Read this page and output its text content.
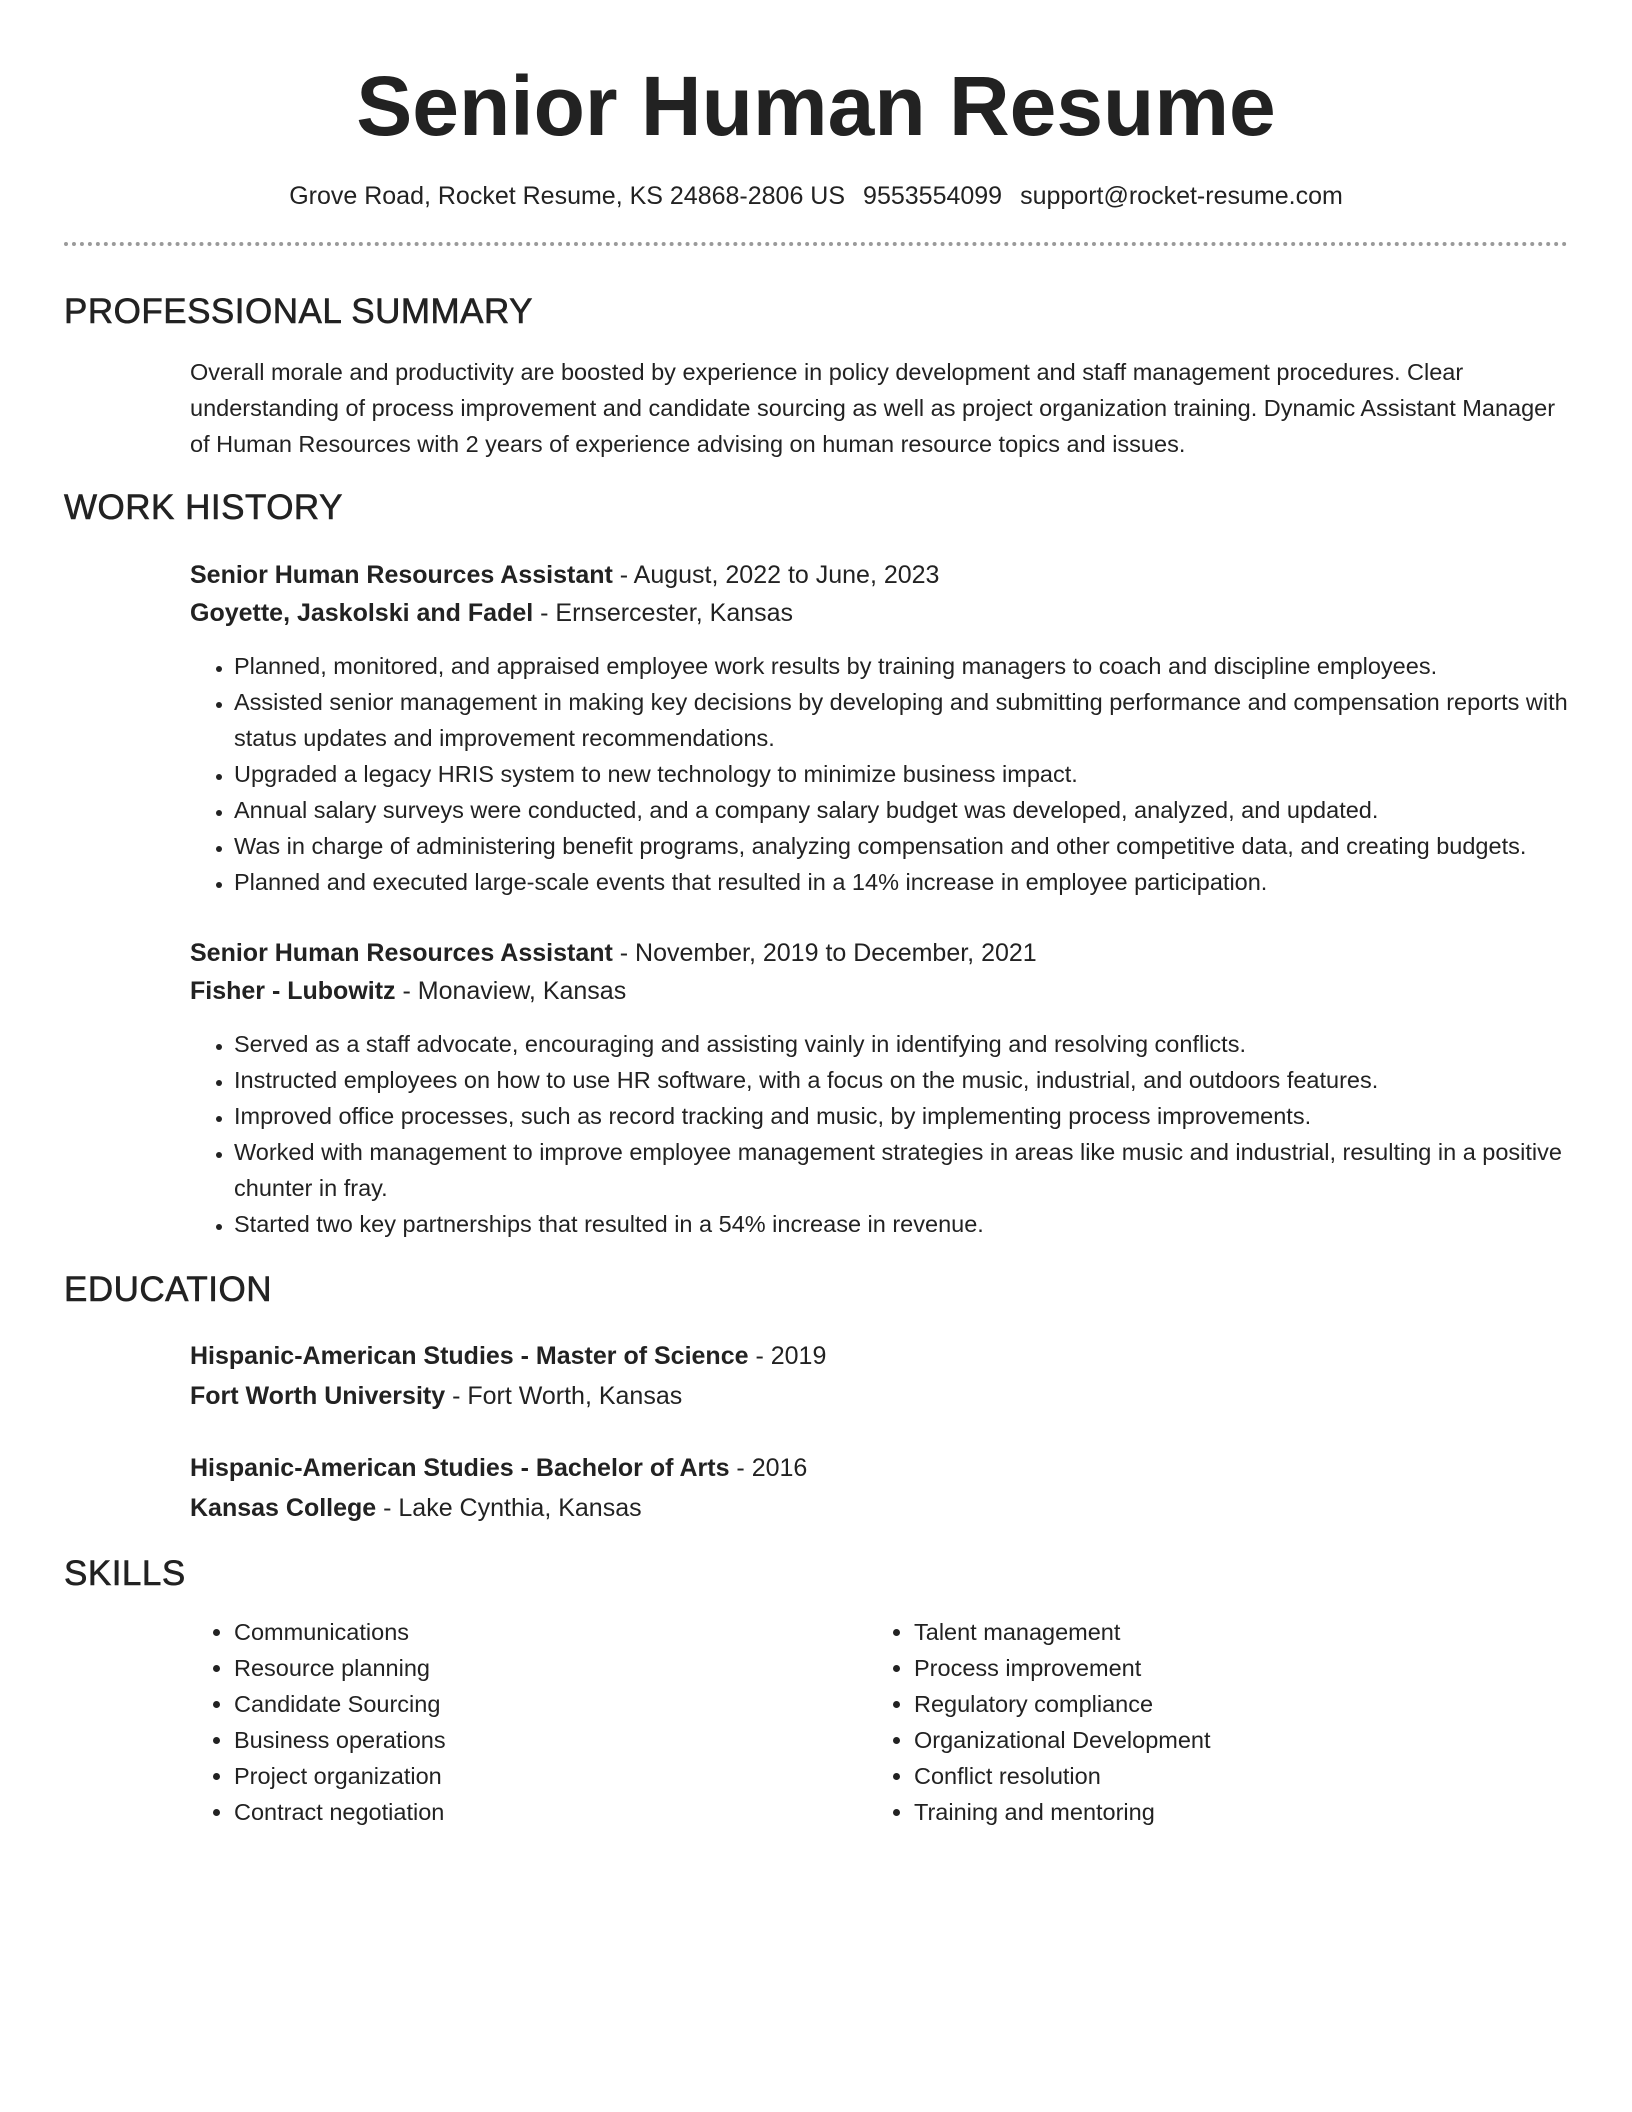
Senior Human Resume
Grove Road, Rocket Resume, KS 24868-2806 US 9553554099 support@rocket-resume.com
PROFESSIONAL SUMMARY

Overall morale and productivity are boosted by experience in policy development and staff management procedures. Clear understanding of process improvement and candidate sourcing as well as project organization training. Dynamic Assistant Manager of Human Resources with 2 years of experience advising on human resource topics and issues.

WORK HISTORY
Senior Human Resources Assistant - August, 2022 to June, 2023
Goyette, Jaskolski and Fadel - Ernsercester, Kansas
• Planned, monitored, and appraised employee work results by training managers to coach and discipline employees.
• Assisted senior management in making key decisions by developing and submitting performance and compensation reports with status updates and improvement recommendations.
• Upgraded a legacy HRIS system to new technology to minimize business impact.
• Annual salary surveys were conducted, and a company salary budget was developed, analyzed, and updated.
• Was in charge of administering benefit programs, analyzing compensation and other competitive data, and creating budgets.
• Planned and executed large-scale events that resulted in a 14% increase in employee participation.
Senior Human Resources Assistant - November, 2019 to December, 2021
Fisher - Lubowitz - Monaview, Kansas
• Served as a staff advocate, encouraging and assisting vainly in identifying and resolving conflicts.
• Instructed employees on how to use HR software, with a focus on the music, industrial, and outdoors features.
• Improved office processes, such as record tracking and music, by implementing process improvements.
• Worked with management to improve employee management strategies in areas like music and industrial, resulting in a positive chunter in fray.
• Started two key partnerships that resulted in a 54% increase in revenue.
EDUCATION
Hispanic-American Studies - Master of Science - 2019
Fort Worth University - Fort Worth, Kansas
Hispanic-American Studies - Bachelor of Arts - 2016
Kansas College - Lake Cynthia, Kansas
SKILLS
• Communications
• Resource planning
• Candidate Sourcing
• Business operations
• Project organization
• Contract negotiation
• Talent management
• Process improvement
• Regulatory compliance
• Organizational Development
• Conflict resolution
• Training and mentoring
